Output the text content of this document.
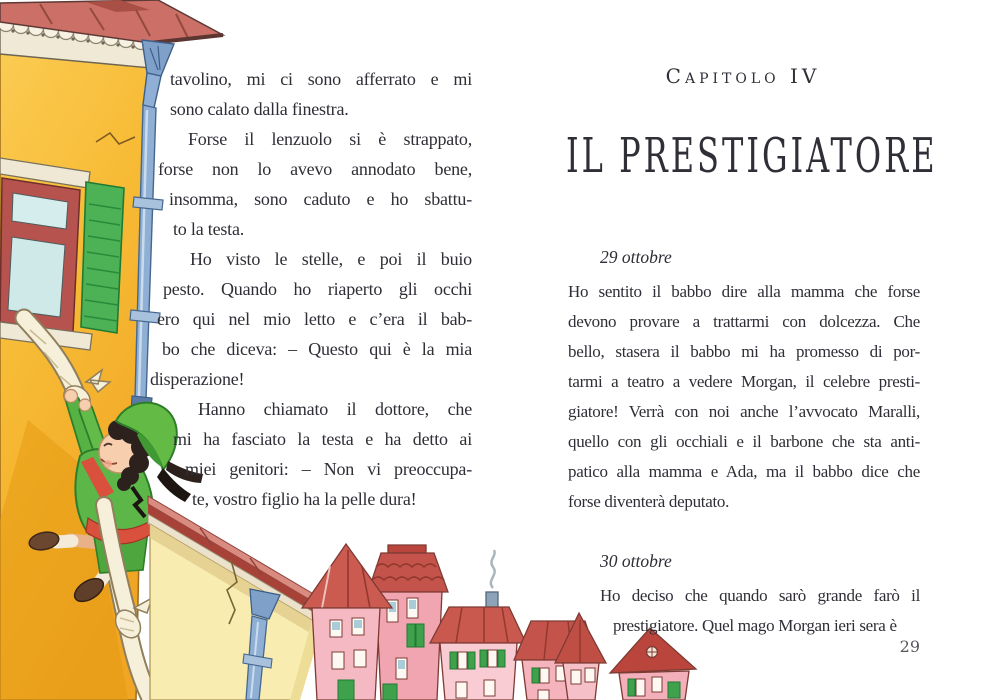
tavolino, mi ci sono afferrato e mi
sono calato dalla finestra.
Forse il lenzuolo si è strappato,
forse non lo avevo annodato bene,
insomma, sono caduto e ho sbattu-
to la testa.
Ho visto le stelle, e poi il buio
pesto. Quando ho riaperto gli occhi
ero qui nel mio letto e c’era il bab-
bo che diceva: – Questo qui è la mia
disperazione!
Hanno chiamato il dottore, che
mi ha fasciato la testa e ha detto ai
miei genitori: – Non vi preoccupa-
te, vostro figlio ha la pelle dura!
Capitolo IV
IL PRESTIGIATORE
29 ottobre
Ho sentito il babbo dire alla mamma che forse
devono provare a trattarmi con dolcezza. Che
bello, stasera il babbo mi ha promesso di por-
tarmi a teatro a vedere Morgan, il celebre presti-
giatore! Verrà con noi anche l’avvocato Maralli,
quello con gli occhiali e il barbone che sta anti-
patico alla mamma e Ada, ma il babbo dice che
forse diventerà deputato.
30 ottobre
Ho deciso che quando sarò grande farò il
prestigiatore. Quel mago Morgan ieri sera è
29
